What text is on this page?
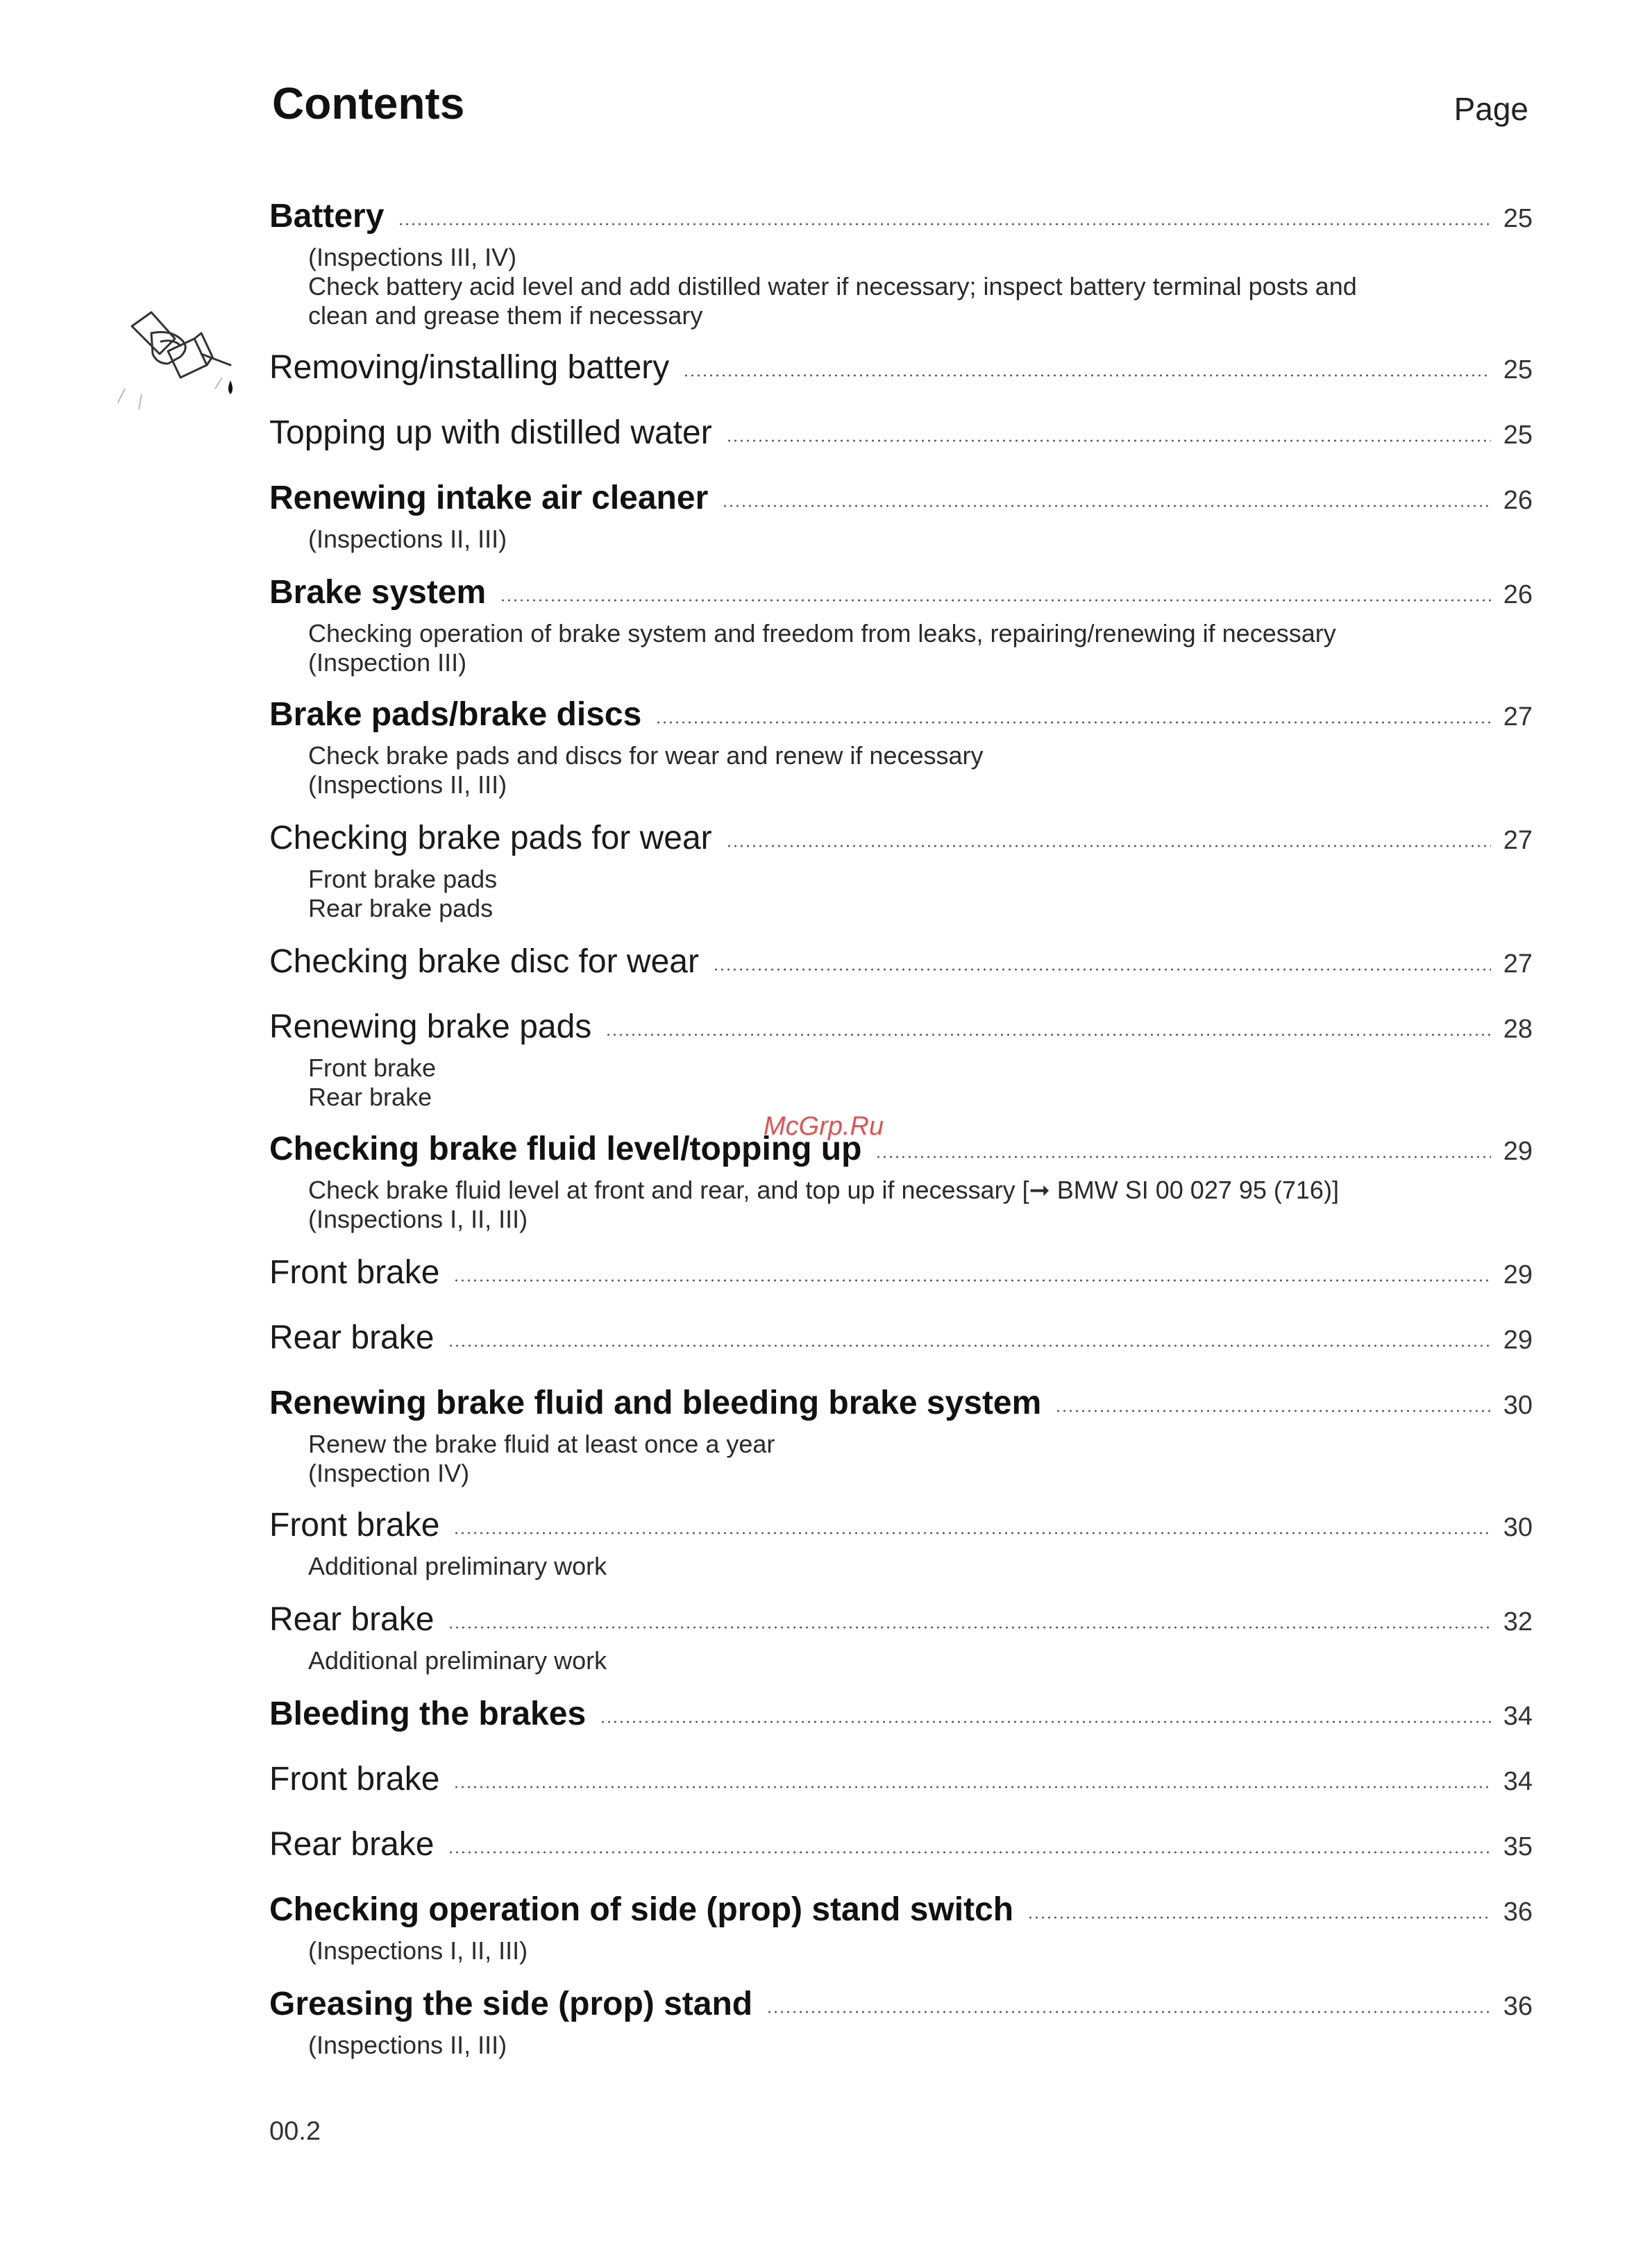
Contents	Page
Battery	25
(Inspections III, IV)
Check battery acid level and add distilled water if necessary; inspect battery terminal posts and
clean and grease them if necessary
Removing/installing battery	25
Topping up with distilled water	25
Renewing intake air cleaner	26
(Inspections II, III)
Brake system	26
Checking operation of brake system and freedom from leaks, repairing/renewing if necessary
(Inspection III)
Brake pads/brake discs	27
Check brake pads and discs for wear and renew if necessary
(Inspections II, III)
Checking brake pads for wear	27
Front brake pads
Rear brake pads
Checking brake disc for wear	27
Renewing brake pads	28
Front brake
Rear brake
Checking brake fluid level/topping up	29
Check brake fluid level at front and rear, and top up if necessary [➞ BMW SI 00 027 95 (716)]
(Inspections I, II, III)
Front brake	29
Rear brake	29
Renewing brake fluid and bleeding brake system	30
Renew the brake fluid at least once a year
(Inspection IV)
Front brake	30
Additional preliminary work
Rear brake	32
Additional preliminary work
Bleeding the brakes	34
Front brake	34
Rear brake	35
Checking operation of side (prop) stand switch	36
(Inspections I, II, III)
Greasing the side (prop) stand	36
(Inspections II, III)
McGrp.Ru
00.2
